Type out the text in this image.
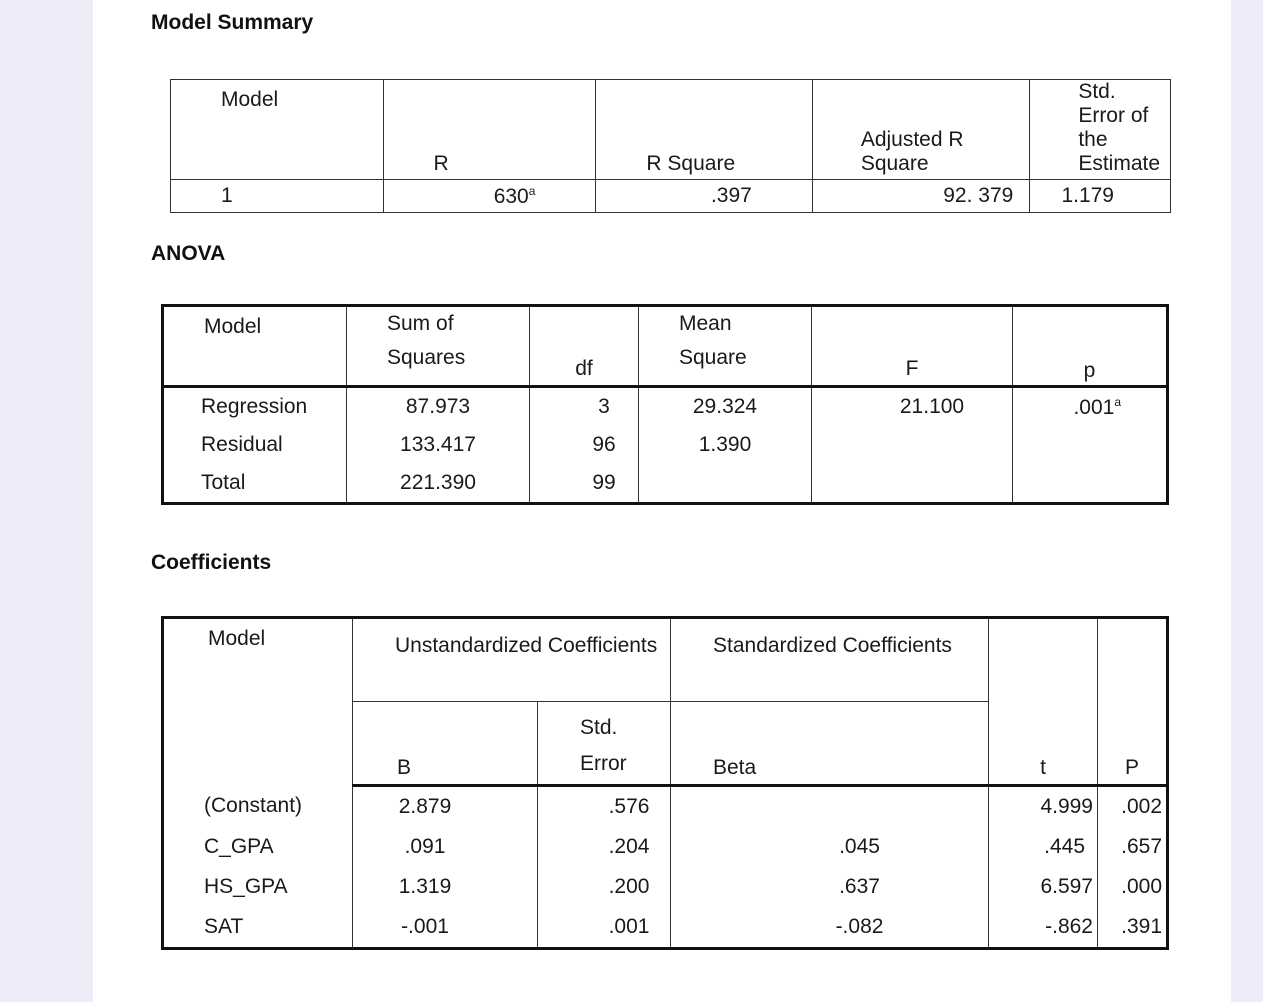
Model Summary
Model	R	R Square	Adjusted R Square	Std. Error of the Estimate
1	630$^a$	.397	92. 379	1.179
ANOVA
Model	Sum of Squares	df	Mean Square	F	p
Regression	87.973	3	29.324	21.100	.001$^a$
Residual	133.417	96	1.390		
Total	221.390	99			
Coefficients
Model	Unstandardized Coefficients		Standardized Coefficients	t	P
	B	Std. Error	Beta		
(Constant)	2.879	.576		4.999	.002
C_GPA	.091	.204	.045	.445	.657
HS_GPA	1.319	.200	.637	6.597	.000
SAT	-.001	.001	-.082	-.862	.391
